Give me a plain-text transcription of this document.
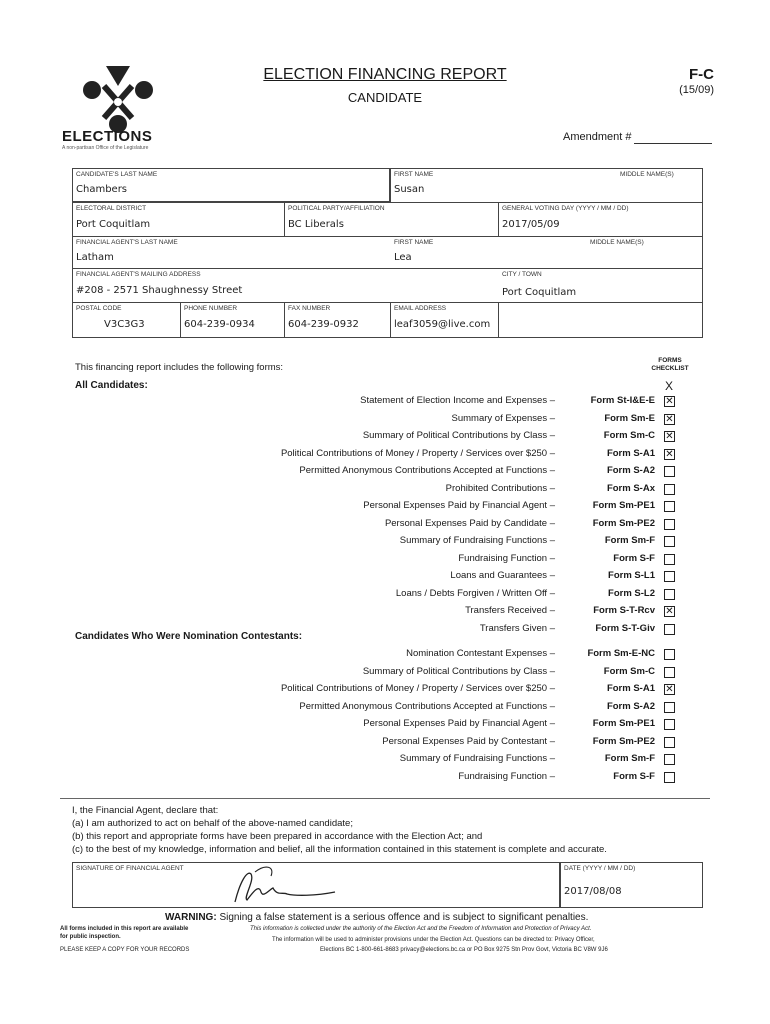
ELECTIONS
A non-partisan Office of the Legislature
ELECTION FINANCING REPORT
CANDIDATE
F-C
(15/09)
Amendment #
CANDIDATE'S LAST NAME
Chambers
FIRST NAME
Susan
MIDDLE NAME(S)
ELECTORAL DISTRICT
Port Coquitlam
POLITICAL PARTY/AFFILIATION
BC Liberals
GENERAL VOTING DAY (YYYY / MM / DD)
2017/05/09
FINANCIAL AGENT'S LAST NAME
Latham
FIRST NAME
Lea
MIDDLE NAME(S)
FINANCIAL AGENT'S MAILING ADDRESS
#208 - 2571 Shaughnessy Street
CITY / TOWN
Port Coquitlam
POSTAL CODE
V3C3G3
PHONE NUMBER
604-239-0934
FAX NUMBER
604-239-0932
EMAIL ADDRESS
leaf3059@live.com
This financing report includes the following forms:
FORMS CHECKLIST
X
All Candidates:
Statement of Election Income and Expenses –	Form St-I&E-E ✕
Summary of Expenses –	Form Sm-E ✕
Summary of Political Contributions by Class –	Form Sm-C ✕
Political Contributions of Money / Property / Services over $250 –	Form S-A1 ✕
Permitted Anonymous Contributions Accepted at Functions –	Form S-A2
Prohibited Contributions –	Form S-Ax
Personal Expenses Paid by Financial Agent –	Form Sm-PE1
Personal Expenses Paid by Candidate –	Form Sm-PE2
Summary of Fundraising Functions –	Form Sm-F
Fundraising Function –	Form S-F
Loans and Guarantees –	Form S-L1
Loans / Debts Forgiven / Written Off –	Form S-L2
Transfers Received –	Form S-T-Rcv ✕
Transfers Given –	Form S-T-Giv
Candidates Who Were Nomination Contestants:
Nomination Contestant Expenses –	Form Sm-E-NC
Summary of Political Contributions by Class –	Form Sm-C
Political Contributions of Money / Property / Services over $250 –	Form S-A1 ✕
Permitted Anonymous Contributions Accepted at Functions –	Form S-A2
Personal Expenses Paid by Financial Agent –	Form Sm-PE1
Personal Expenses Paid by Contestant –	Form Sm-PE2
Summary of Fundraising Functions –	Form Sm-F
Fundraising Function –	Form S-F
I, the Financial Agent, declare that:
(a) I am authorized to act on behalf of the above-named candidate;
(b) this report and appropriate forms have been prepared in accordance with the Election Act; and
(c) to the best of my knowledge, information and belief, all the information contained in this statement is complete and accurate.
SIGNATURE OF FINANCIAL AGENT	DATE (YYYY / MM / DD)
2017/08/08
WARNING: Signing a false statement is a serious offence and is subject to significant penalties.
All forms included in this report are available
for public inspection.
PLEASE KEEP A COPY FOR YOUR RECORDS
This information is collected under the authority of the Election Act and the Freedom of Information and Protection of Privacy Act.
The information will be used to administer provisions under the Election Act. Questions can be directed to: Privacy Officer,
Elections BC 1-800-661-8683 privacy@elections.bc.ca or PO Box 9275 Stn Prov Govt, Victoria BC V8W 9J6
